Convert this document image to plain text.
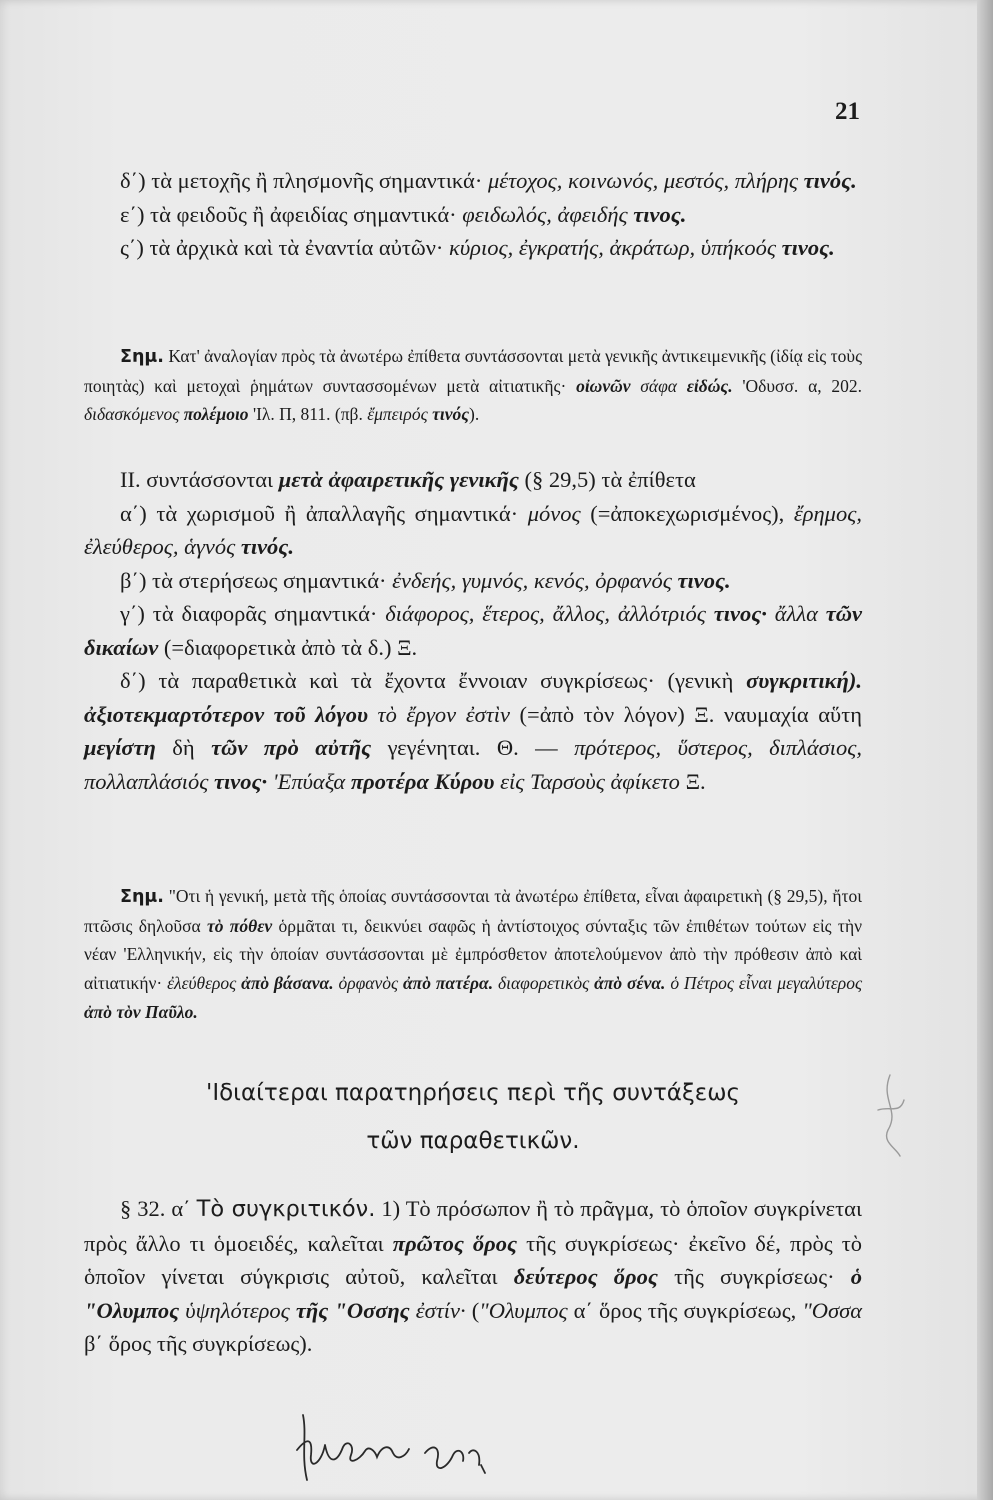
21

δ΄) τὰ μετοχῆς ἢ πλησμονῆς σημαντικά· μέτοχος, κοινωνός, μεστός, πλήρης τινός.

ε΄) τὰ φειδοῦς ἢ ἀφειδίας σημαντικά· φειδωλός, ἀφειδής τινος.

ς΄) τὰ ἀρχικὰ καὶ τὰ ἐναντία αὐτῶν· κύριος, ἐγκρατής, ἀκράτωρ, ὑπήκοός τινος.

Σημ. Κατ' ἀναλογίαν πρὸς τὰ ἀνωτέρω ἐπίθετα συντάσσονται μετὰ γενικῆς ἀντικειμενικῆς (ἰδίᾳ εἰς τοὺς ποιητὰς) καὶ μετοχαὶ ῥημάτων συντασσομένων μετὰ αἰτιατικῆς· οἰωνῶν σάφα εἰδώς. 'Οδυσσ. α, 202. διδασκόμενος πολέμοιο 'Ιλ. Π, 811. (πβ. ἔμπειρός τινός).

ΙΙ. συντάσσονται μετὰ ἀφαιρετικῆς γενικῆς (§ 29,5) τὰ ἐπίθετα

α΄) τὰ χωρισμοῦ ἢ ἀπαλλαγῆς σημαντικά· μόνος (=ἀποκεχωρισμένος), ἔρημος, ἐλεύθερος, ἁγνός τινός.

β΄) τὰ στερήσεως σημαντικά· ἐνδεής, γυμνός, κενός, ὀρφανός τινος.

γ΄) τὰ διαφορᾶς σημαντικά· διάφορος, ἕτερος, ἄλλος, ἀλλότριός τινος· ἄλλα τῶν δικαίων (=διαφορετικὰ ἀπὸ τὰ δ.) Ξ.

δ΄) τὰ παραθετικὰ καὶ τὰ ἔχοντα ἔννοιαν συγκρίσεως· (γενικὴ συγκριτική). ἀξιοτεκμαρτότερον τοῦ λόγου τὸ ἔργον ἐστὶν (=ἀπὸ τὸν λόγον) Ξ. ναυμαχία αὕτη μεγίστη δὴ τῶν πρὸ αὐτῆς γεγένηται. Θ. — πρότερος, ὕστερος, διπλάσιος, πολλαπλάσιός τινος· 'Επύαξα προτέρα Κύρου εἰς Ταρσοὺς ἀφίκετο Ξ.

Σημ. "Οτι ἡ γενική, μετὰ τῆς ὁποίας συντάσσονται τὰ ἀνωτέρω ἐπίθετα, εἶναι ἀφαιρετικὴ (§ 29,5), ἤτοι πτῶσις δηλοῦσα τὸ πόθεν ὁρμᾶται τι, δεικνύει σαφῶς ἡ ἀντίστοιχος σύνταξις τῶν ἐπιθέτων τούτων εἰς τὴν νέαν 'Ελληνικήν, εἰς τὴν ὁποίαν συντάσσονται μὲ ἐμπρόσθετον ἀποτελούμενον ἀπὸ τὴν πρόθεσιν ἀπὸ καὶ αἰτιατικήν· ἐλεύθερος ἀπὸ βάσανα. ὀρφανὸς ἀπὸ πατέρα. διαφορετικὸς ἀπὸ σένα. ὁ Πέτρος εἶναι μεγαλύτερος ἀπὸ τὸν Παῦλο.

'Ιδιαίτεραι παρατηρήσεις περὶ τῆς συντάξεως

τῶν παραθετικῶν.

§ 32. α΄ Τὸ συγκριτικόν. 1) Τὸ πρόσωπον ἢ τὸ πρᾶγμα, τὸ ὁποῖον συγκρίνεται πρὸς ἄλλο τι ὁμοειδές, καλεῖται πρῶτος ὅρος τῆς συγκρίσεως· ἐκεῖνο δέ, πρὸς τὸ ὁποῖον γίνεται σύγκρισις αὐτοῦ, καλεῖται δεύτερος ὅρος τῆς συγκρίσεως· ὁ "Ολυμπος ὑψηλότερος τῆς "Οσσης ἐστίν· ("Ολυμπος α΄ ὅρος τῆς συγκρίσεως, "Οσσα β΄ ὅρος τῆς συγκρίσεως).
